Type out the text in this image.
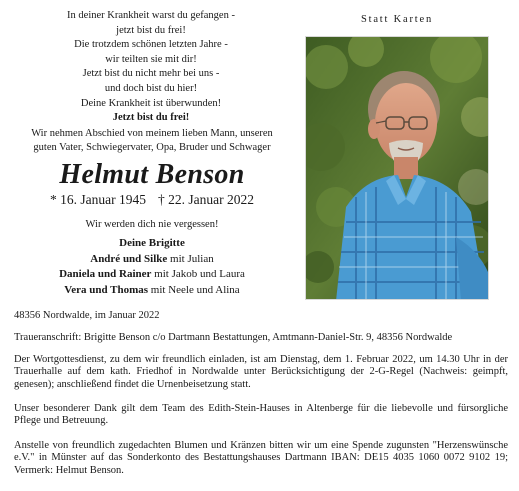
In deiner Krankheit warst du gefangen -
jetzt bist du frei!
Die trotzdem schönen letzten Jahre -
wir teilten sie mit dir!
Jetzt bist du nicht mehr bei uns -
und doch bist du hier!
Deine Krankheit ist überwunden!
Jetzt bist du frei!
Wir nehmen Abschied von meinem lieben Mann, unseren
guten Vater, Schwiegervater, Opa, Bruder und Schwager
Helmut Benson
* 16. Januar 1945 † 22. Januar 2022
Wir werden dich nie vergessen!
Deine Brigitte
André und Silke mit Julian
Daniela und Rainer mit Jakob und Laura
Vera und Thomas mit Neele und Alina
Statt Karten
48356 Nordwalde, im Januar 2022
Traueranschrift: Brigitte Benson c/o Dartmann Bestattungen, Amtmann-Daniel-Str. 9, 48356 Nordwalde
Der Wortgottesdienst, zu dem wir freundlich einladen, ist am Dienstag, dem 1. Februar 2022, um 14.30 Uhr in der Trauerhalle auf dem kath. Friedhof in Nordwalde unter Berücksichtigung der 2-G-Regel (Nachweis: geimpft, genesen); anschließend findet die Urnenbeisetzung statt.
Unser besonderer Dank gilt dem Team des Edith-Stein-Hauses in Altenberge für die liebevolle und fürsorgliche Pflege und Betreuung.
Anstelle von freundlich zugedachten Blumen und Kränzen bitten wir um eine Spende zugunsten "Herzenswünsche e.V." in Münster auf das Sonderkonto des Bestattungshauses Dartmann IBAN: DE15 4035 1060 0072 9102 19; Vermerk: Helmut Benson.
